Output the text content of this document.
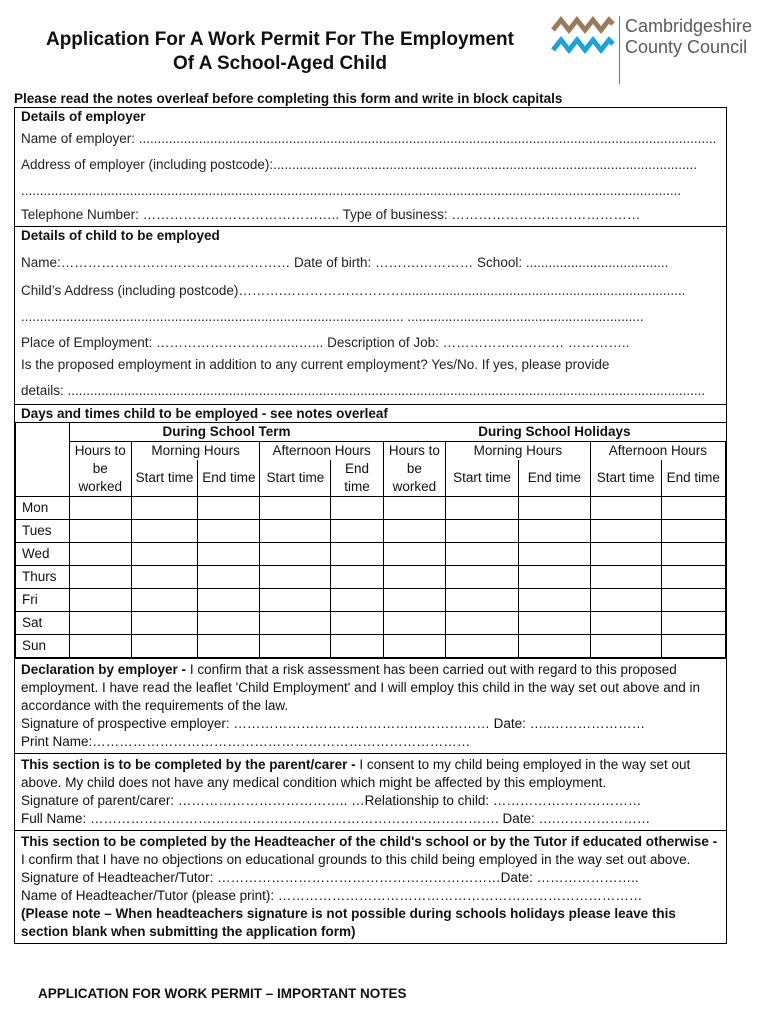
Application For A Work Permit For The Employment
Of A School-Aged Child
Cambridgeshire
County Council
Please read the notes overleaf before completing this form and write in block capitals
Details of employer
Name of employer: ..........................................................................................................................................................
Address of employer (including postcode):.................................................................................................................
................................................................................................................................................................................
Telephone Number: …………………………………….. Type of business: ……………………………………
Details of child to be employed
Name:…………………………………………… Date of birth: ……….………… School: ......................................
Child’s Address (including postcode)……….………………………...........................................................................
...................................................................................................... ...............................................................
Place of Employment: …………………………..…... Description of Job: ……………………… …………..
Is the proposed employment in addition to any current employment? Yes/No. If yes, please provide
details: ..........................................................................................................................................................................
Days and times child to be employed - see notes overleaf
	During School Term					During School Holidays				
	Hours to be worked	Morning Hours		Afternoon Hours		Hours to be worked	Morning Hours		Afternoon Hours	
		Start time	End time	Start time	End time		Start time	End time	Start time	End time
Mon										
Tues										
Wed										
Thurs										
Fri										
Sat										
Sun										
Declaration by employer - I confirm that a risk assessment has been carried out with regard to this proposed employment. I have read the leaflet 'Child Employment' and I will employ this child in the way set out above and in accordance with the requirements of the law.
Signature of prospective employer: ………………………………………………… Date: …..…………………
Print Name:…………………………………………………………………………
This section is to be completed by the parent/carer - I consent to my child being employed in the way set out above. My child does not have any medical condition which might be affected by this employment.
Signature of parent/carer: ……………………………….. …Relationship to child: ……………………………
Full Name: ………………………………………………………………………………. Date: ….…………………
This section to be completed by the Headteacher of the child's school or by the Tutor if educated otherwise - I confirm that I have no objections on educational grounds to this child being employed in the way set out above.
Signature of Headteacher/Tutor: ………………………………………………………Date: …………………..
Name of Headteacher/Tutor (please print): ………………………………………………………………………
(Please note – When headteachers signature is not possible during schools holidays please leave this section blank when submitting the application form)
APPLICATION FOR WORK PERMIT – IMPORTANT NOTES
